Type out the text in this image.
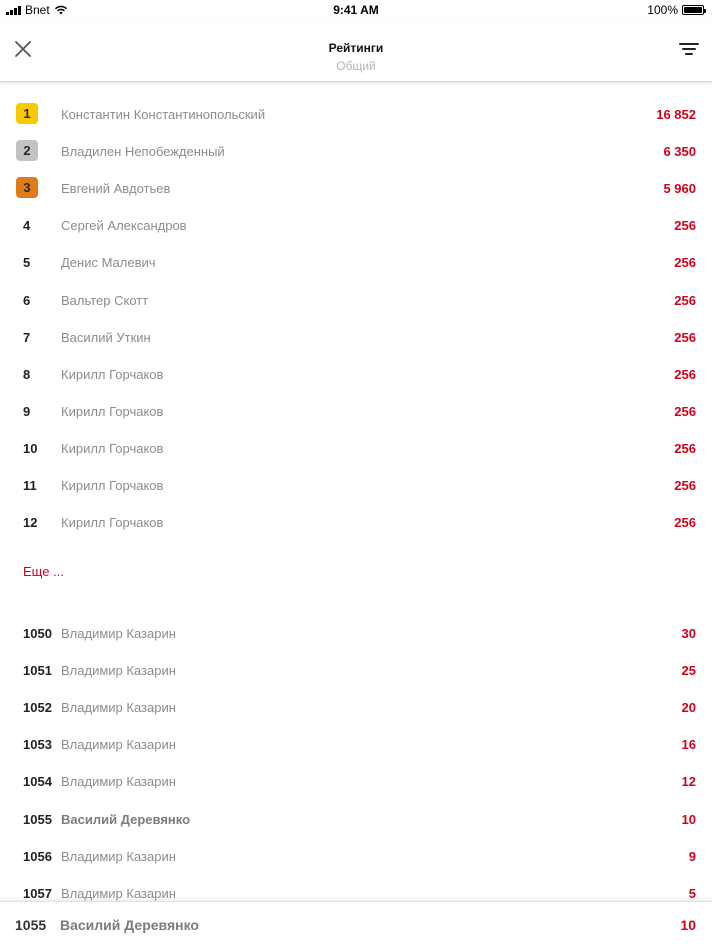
Bnet	9:41 AM	100%
Рейтинги
Общий
1	Константин Константинопольский	16 852
2	Владилен Непобежденный	6 350
3	Евгений Авдотьев	5 960
4 Сергей Александров	256
5 Денис Малевич	256
6 Вальтер Скотт	256
7 Василий Уткин	256
8 Кирилл Горчаков	256
9 Кирилл Горчаков	256
10 Кирилл Горчаков	256
11 Кирилл Горчаков	256
12 Кирилл Горчаков	256
1050 Владимир Казарин	30
1051 Владимир Казарин	25
1052 Владимир Казарин	20
1053 Владимир Казарин	16
1054 Владимир Казарин	12
1055 Василий Деревянко	10
1056 Владимир Казарин	9
1057 Владимир Казарин	5
Еще ...
1055 Василий Деревянко	10
